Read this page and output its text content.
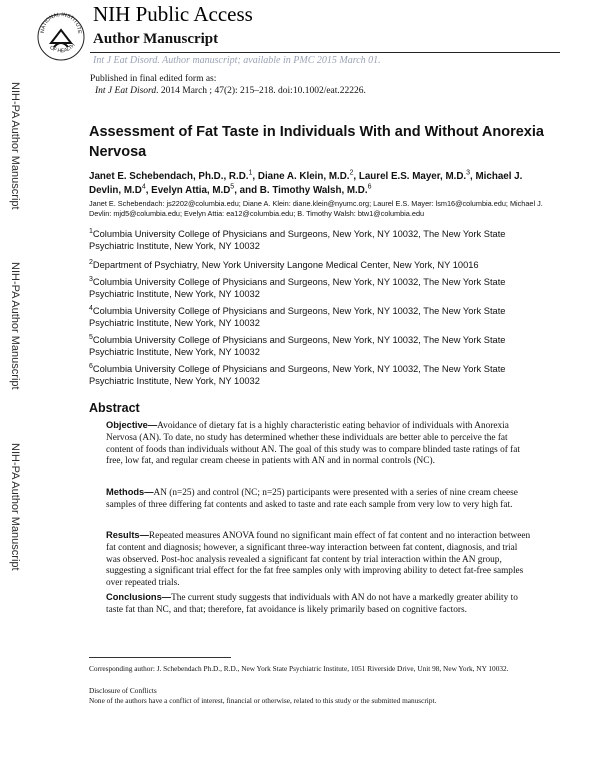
NATIONAL INSTITUTE
OF HEALTH
NIH Public Access
Author Manuscript
Int J Eat Disord. Author manuscript; available in PMC 2015 March 01.
NIH-PA Author Manuscript
NIH-PA Author Manuscript
NIH-PA Author Manuscript
Published in final edited form as:
Int J Eat Disord. 2014 March ; 47(2): 215–218. doi:10.1002/eat.22226.
Assessment of Fat Taste in Individuals With and Without Anorexia Nervosa
Janet E. Schebendach, Ph.D., R.D.$^1$, Diane A. Klein, M.D.$^2$, Laurel E.S. Mayer, M.D.$^3$, Michael J. Devlin, $M.D^4$, Evelyn Attia, $M.D^5$, and B. Timothy Walsh, M.D.$^6$
Janet E. Schebendach: js2202@columbia.edu; Diane A. Klein: diane.klein@nyumc.org; Laurel E.S. Mayer: lsm16@columbia.edu; Michael J. Devlin: mjd5@columbia.edu; Evelyn Attia: ea12@columbia.edu; B. Timothy Walsh: btw1@columbia.edu
$^1$Columbia University College of Physicians and Surgeons, New York, NY 10032, The New York State Psychiatric Institute, New York, NY 10032
$^2$Department of Psychiatry, New York University Langone Medical Center, New York, NY 10016
$^3$Columbia University College of Physicians and Surgeons, New York, NY 10032, The New York State Psychiatric Institute, New York, NY 10032
$^4$Columbia University College of Physicians and Surgeons, New York, NY 10032, The New York State Psychiatric Institute, New York, NY 10032
$^5$Columbia University College of Physicians and Surgeons, New York, NY 10032, The New York State Psychiatric Institute, New York, NY 10032
$^6$Columbia University College of Physicians and Surgeons, New York, NY 10032, The New York State Psychiatric Institute, New York, NY 10032
Abstract
Objective—Avoidance of dietary fat is a highly characteristic eating behavior of individuals with Anorexia Nervosa (AN). To date, no study has determined whether these individuals are better able to perceive the fat content of foods than individuals without AN. The goal of this study was to compare blinded taste ratings of fat free, low fat, and regular cream cheese in patients with AN and in normal controls (NC).
Methods—AN (n=25) and control (NC; n=25) participants were presented with a series of nine cream cheese samples of three differing fat contents and asked to taste and rate each sample from very low to very high fat.
Results—Repeated measures ANOVA found no significant main effect of fat content and no interaction between fat content and diagnosis; however, a significant three-way interaction between fat content, diagnosis, and trial was observed. Post-hoc analysis revealed a significant fat content by trial interaction within the AN group, suggesting a significant trial effect for the fat free samples only with improving ability to detect fat-free samples over repeated trials.
Conclusions—The current study suggests that individuals with AN do not have a markedly greater ability to taste fat than NC, and that; therefore, fat avoidance is likely primarily based on cognitive factors.
Corresponding author: J. Schebendach Ph.D., R.D., New York State Psychiatric Institute, 1051 Riverside Drive, Unit 98, New York, NY 10032.
Disclosure of Conflicts
None of the authors have a conflict of interest, financial or otherwise, related to this study or the submitted manuscript.
